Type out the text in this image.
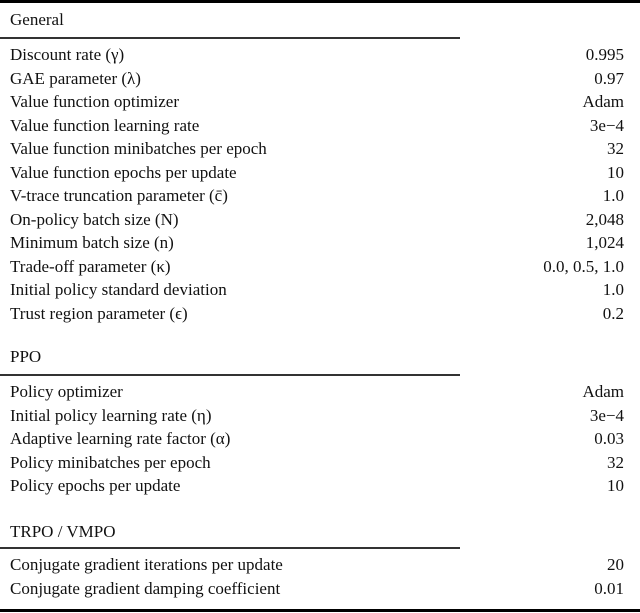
General
Discount rate (γ)	0.995
GAE parameter (λ)	0.97
Value function optimizer	Adam
Value function learning rate	3e−4
Value function minibatches per epoch	32
Value function epochs per update	10
V-trace truncation parameter (c̄)	1.0
On-policy batch size (N)	2,048
Minimum batch size (n)	1,024
Trade-off parameter (κ)	0.0, 0.5, 1.0
Initial policy standard deviation	1.0
Trust region parameter (ϵ)	0.2
PPO
Policy optimizer	Adam
Initial policy learning rate (η)	3e−4
Adaptive learning rate factor (α)	0.03
Policy minibatches per epoch	32
Policy epochs per update	10
TRPO / VMPO
Conjugate gradient iterations per update	20
Conjugate gradient damping coefficient	0.01
